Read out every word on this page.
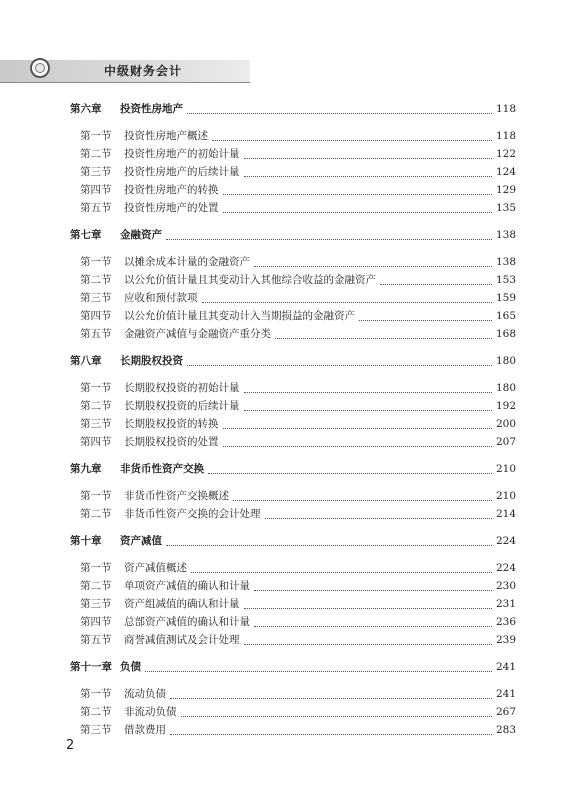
中级财务会计
第六章	投资性房地产	118
第一节	投资性房地产概述	118
第二节	投资性房地产的初始计量	122
第三节	投资性房地产的后续计量	124
第四节	投资性房地产的转换	129
第五节	投资性房地产的处置	135
第七章	金融资产	138
第一节	以摊余成本计量的金融资产	138
第二节	以公允价值计量且其变动计入其他综合收益的金融资产	153
第三节	应收和预付款项	159
第四节	以公允价值计量且其变动计入当期损益的金融资产	165
第五节	金融资产减值与金融资产重分类	168
第八章	长期股权投资	180
第一节	长期股权投资的初始计量	180
第二节	长期股权投资的后续计量	192
第三节	长期股权投资的转换	200
第四节	长期股权投资的处置	207
第九章	非货币性资产交换	210
第一节	非货币性资产交换概述	210
第二节	非货币性资产交换的会计处理	214
第十章	资产减值	224
第一节	资产减值概述	224
第二节	单项资产减值的确认和计量	230
第三节	资产组减值的确认和计量	231
第四节	总部资产减值的确认和计量	236
第五节	商誉减值测试及会计处理	239
第十一章 负债	241
第一节	流动负债	241
第二节	非流动负债	267
第三节	借款费用	283
2
